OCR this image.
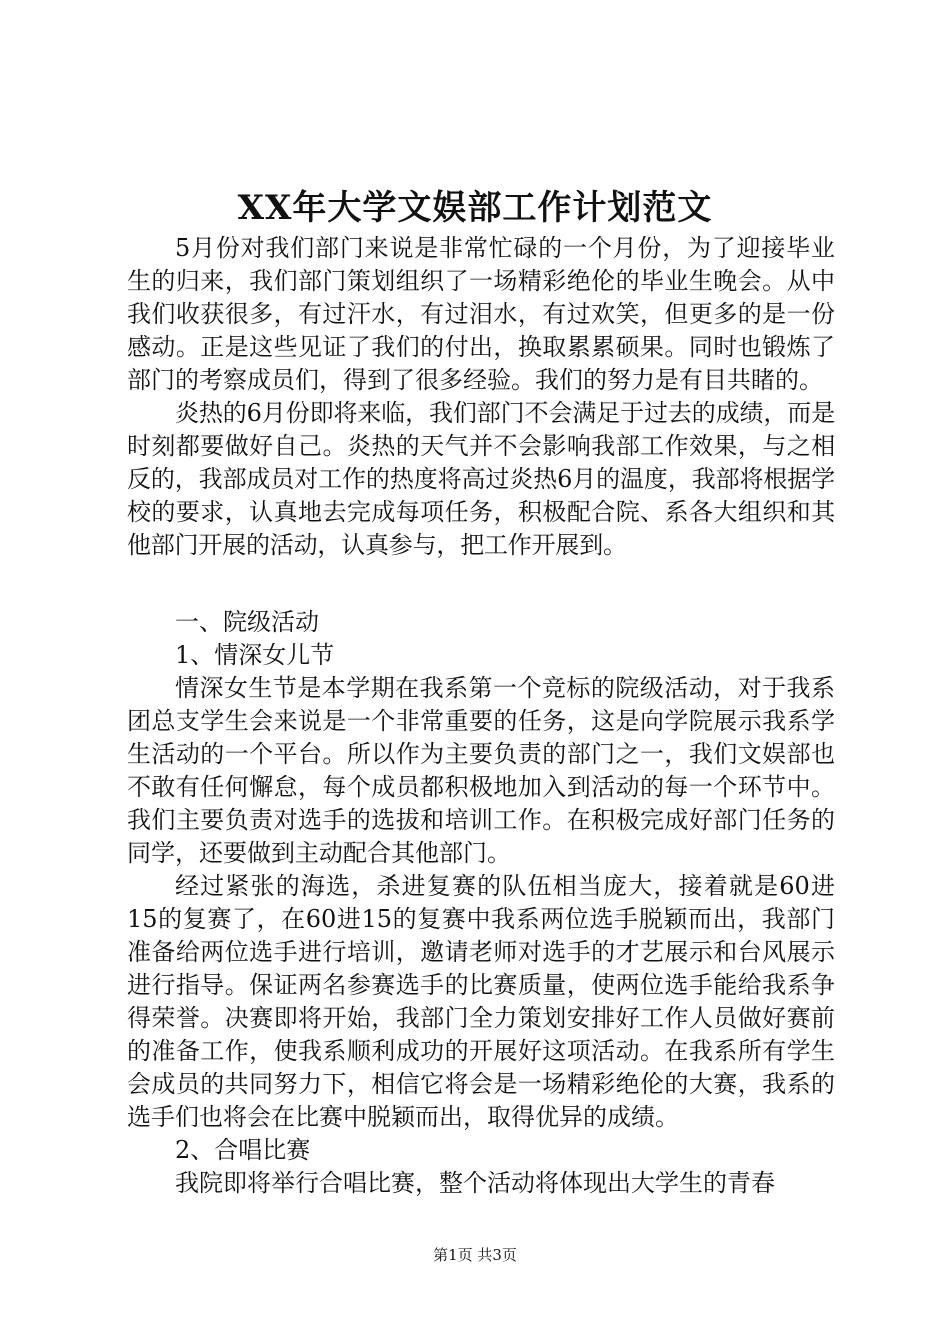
XX年大学文娱部工作计划范文

5月份对我们部门来说是非常忙碌的一个月份，为了迎接毕业生的归来，我们部门策划组织了一场精彩绝伦的毕业生晚会。从中我们收获很多，有过汗水，有过泪水，有过欢笑，但更多的是一份感动。正是这些见证了我们的付出，换取累累硕果。同时也锻炼了部门的考察成员们，得到了很多经验。我们的努力是有目共睹的。

炎热的6月份即将来临，我们部门不会满足于过去的成绩，而是时刻都要做好自己。炎热的天气并不会影响我部工作效果，与之相反的，我部成员对工作的热度将高过炎热6月的温度，我部将根据学校的要求，认真地去完成每项任务，积极配合院、系各大组织和其他部门开展的活动，认真参与，把工作开展到。

一、院级活动

1、情深女儿节

情深女生节是本学期在我系第一个竞标的院级活动，对于我系团总支学生会来说是一个非常重要的任务，这是向学院展示我系学生活动的一个平台。所以作为主要负责的部门之一，我们文娱部也不敢有任何懈怠，每个成员都积极地加入到活动的每一个环节中。我们主要负责对选手的选拔和培训工作。在积极完成好部门任务的同学，还要做到主动配合其他部门。

经过紧张的海选，杀进复赛的队伍相当庞大，接着就是60进15的复赛了，在60进15的复赛中我系两位选手脱颖而出，我部门准备给两位选手进行培训，邀请老师对选手的才艺展示和台风展示进行指导。保证两名参赛选手的比赛质量，使两位选手能给我系争得荣誉。决赛即将开始，我部门全力策划安排好工作人员做好赛前的准备工作，使我系顺利成功的开展好这项活动。在我系所有学生会成员的共同努力下，相信它将会是一场精彩绝伦的大赛，我系的选手们也将会在比赛中脱颖而出，取得优异的成绩。

2、合唱比赛

我院即将举行合唱比赛，整个活动将体现出大学生的青春

第1页 共3页
